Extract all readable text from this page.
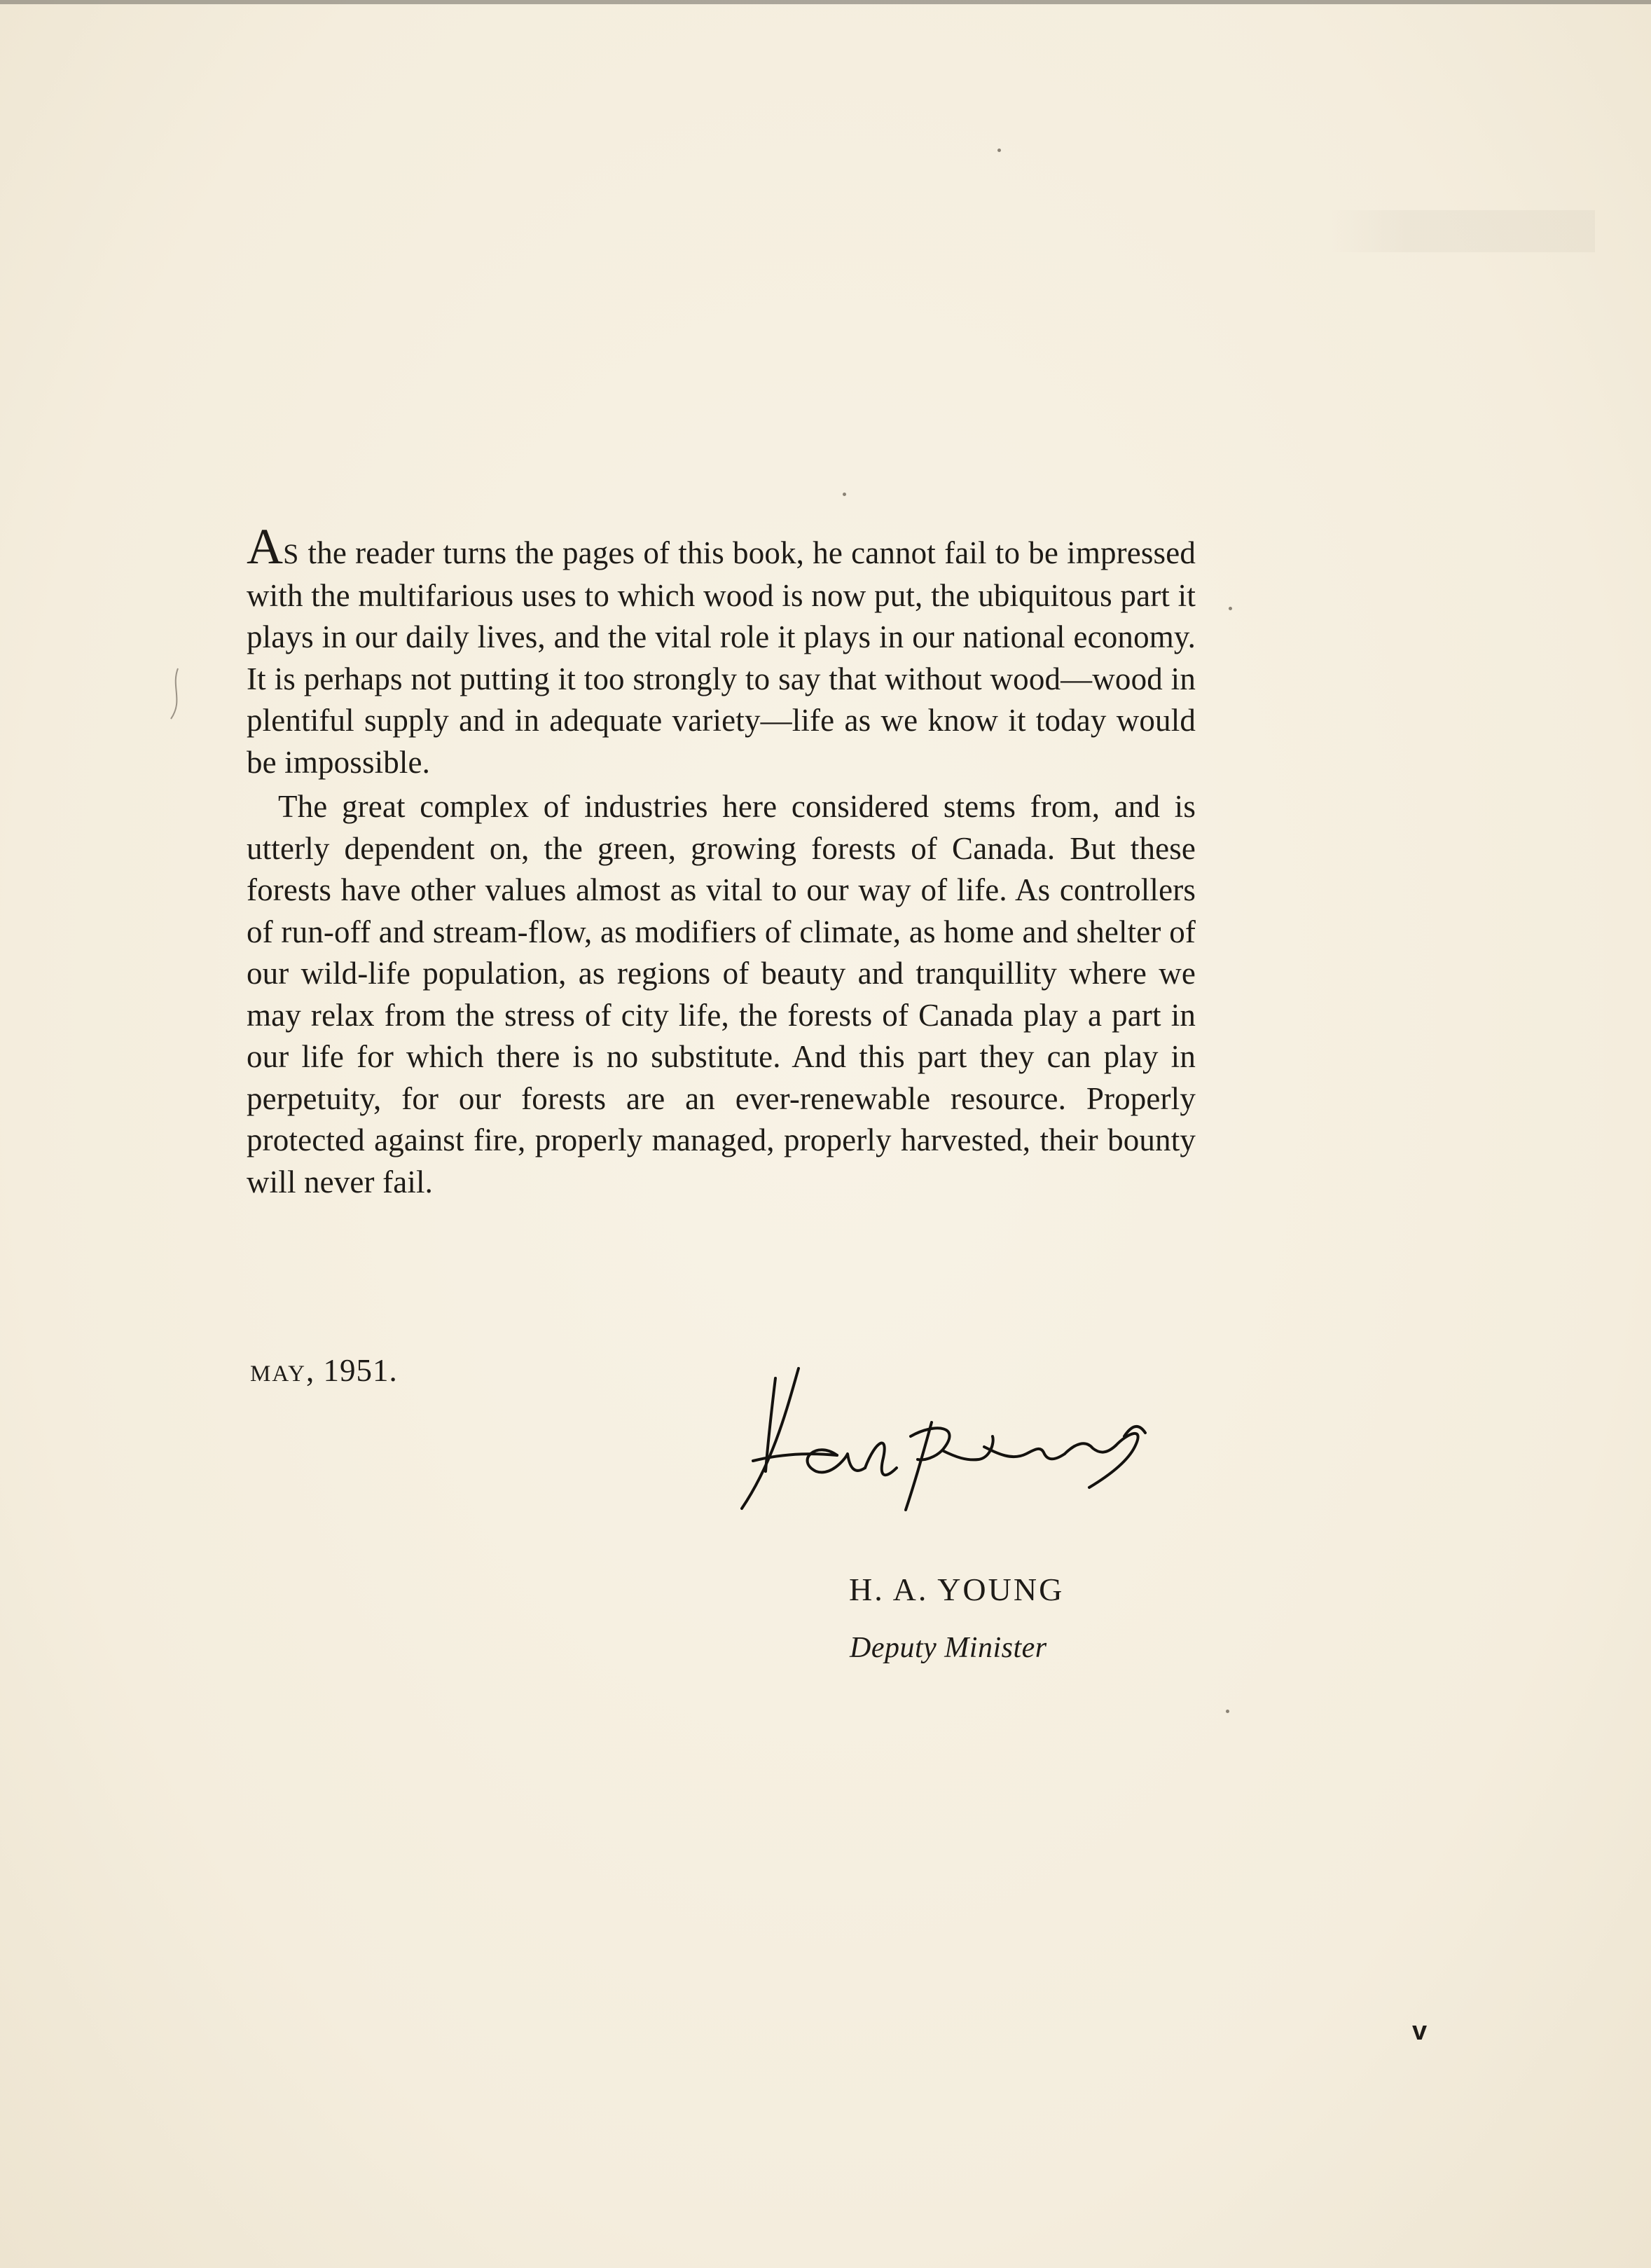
AS the reader turns the pages of this book, he cannot fail to be impressed with the multifarious uses to which wood is now put, the ubiquitous part it plays in our daily lives, and the vital role it plays in our national economy. It is perhaps not putting it too strongly to say that without wood—wood in plentiful supply and in adequate variety—life as we know it today would be impossible.

The great complex of industries here considered stems from, and is utterly dependent on, the green, growing forests of Canada. But these forests have other values almost as vital to our way of life. As controllers of run-off and stream-flow, as modifiers of climate, as home and shelter of our wild-life population, as regions of beauty and tranquillity where we may relax from the stress of city life, the forests of Canada play a part in our life for which there is no substitute. And this part they can play in perpetuity, for our forests are an ever-renewable resource. Properly protected against fire, properly managed, properly harvested, their bounty will never fail.

MAY, 1951.
H. A. YOUNG
Deputy Minister
v
